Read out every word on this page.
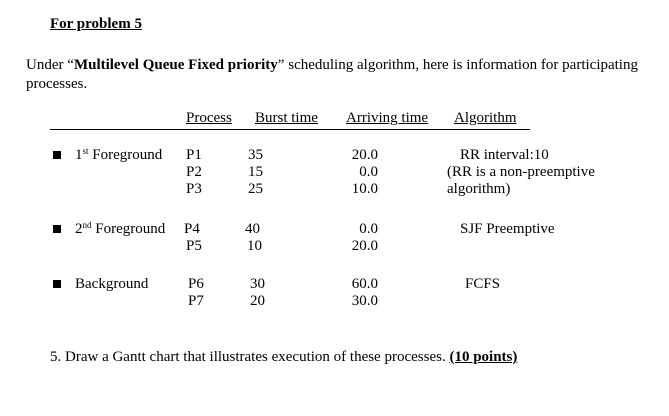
For problem 5
Under “Multilevel Queue Fixed priority” scheduling algorithm, here is information for participating processes.
Process Burst time Arriving time Algorithm
1st Foreground P1
P2
P3
35
15
25
20.0
0.0
10.0
RR interval:10
(RR is a non-preemptive
algorithm)
2nd Foreground P4
P5
40
10
0.0
20.0
SJF Preemptive
Background	P6
P7
30
20
60.0
30.0
FCFS
5. Draw a Gantt chart that illustrates execution of these processes. (10 points)
